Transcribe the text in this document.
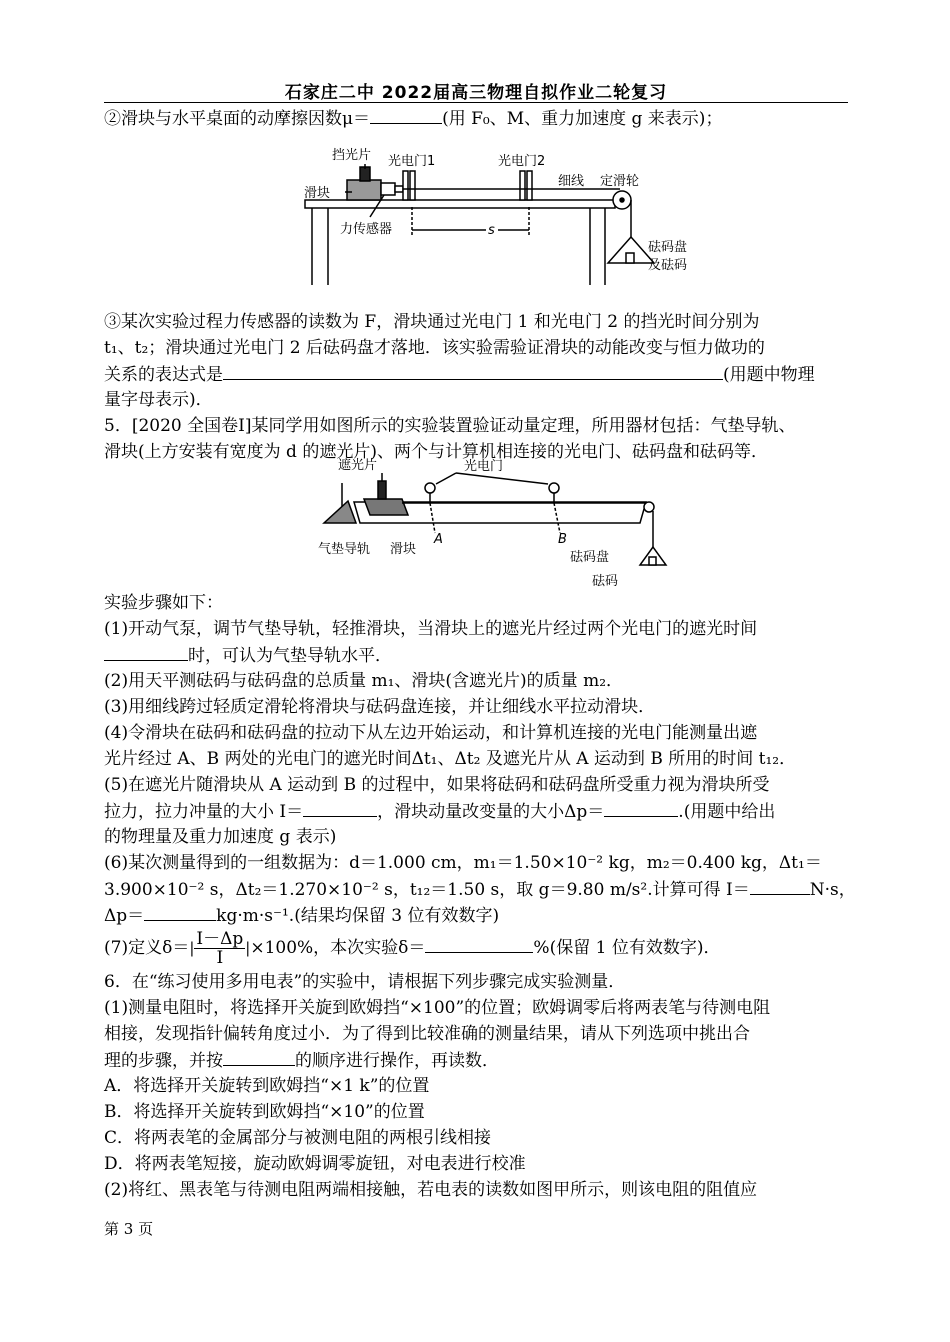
石家庄二中 2022届高三物理自拟作业二轮复习
②滑块与水平桌面的动摩擦因数μ＝	(用 F₀、M、重力加速度 g 来表示)；
挡光片 光电门1	光电门2
细线 定滑轮
滑块
力传感器	s
砝码盘
及砝码
③某次实验过程力传感器的读数为 F，滑块通过光电门 1 和光电门 2 的挡光时间分别为
t₁、t₂；滑块通过光电门 2 后砝码盘才落地．该实验需验证滑块的动能改变与恒力做功的
关系的表达式是	(用题中物理
量字母表示)．
5．[2020 全国卷Ⅰ]某同学用如图所示的实验装置验证动量定理，所用器材包括：气垫导轨、
滑块(上方安装有宽度为 d 的遮光片)、两个与计算机相连接的光电门、砝码盘和砝码等．
遮光片	光电门
气垫导轨 滑块
A	B
砝码盘
砝码
实验步骤如下：
(1)开动气泵，调节气垫导轨，轻推滑块，当滑块上的遮光片经过两个光电门的遮光时间
时，可认为气垫导轨水平．
(2)用天平测砝码与砝码盘的总质量 m₁、滑块(含遮光片)的质量 m₂．
(3)用细线跨过轻质定滑轮将滑块与砝码盘连接，并让细线水平拉动滑块．
(4)令滑块在砝码和砝码盘的拉动下从左边开始运动，和计算机连接的光电门能测量出遮
光片经过 A、B 两处的光电门的遮光时间Δt₁、Δt₂ 及遮光片从 A 运动到 B 所用的时间 t₁₂．
(5)在遮光片随滑块从 A 运动到 B 的过程中，如果将砝码和砝码盘所受重力视为滑块所受
拉力，拉力冲量的大小 I＝	，滑块动量改变量的大小Δp＝	.(用题中给出
的物理量及重力加速度 g 表示)
(6)某次测量得到的一组数据为：d＝1.000 cm，m₁＝1.50×10⁻² kg，m₂＝0.400 kg，Δt₁＝
3.900×10⁻² s，Δt₂＝1.270×10⁻² s，t₁₂＝1.50 s，取 g＝9.80 m/s².计算可得 I＝	N·s，
Δp＝	kg·m·s⁻¹.(结果均保留 3 位有效数字)
(7)定义$\delta=| \frac{I-\Delta p}{I} |\times 100\%$，本次实验δ＝	%(保留 1 位有效数字)．
6．在“练习使用多用电表”的实验中，请根据下列步骤完成实验测量．
(1)测量电阻时，将选择开关旋到欧姆挡“×100”的位置；欧姆调零后将两表笔与待测电阻
相接，发现指针偏转角度过小．为了得到比较准确的测量结果，请从下列选项中挑出合
理的步骤，并按	的顺序进行操作，再读数．
A．将选择开关旋转到欧姆挡“×1 k”的位置
B．将选择开关旋转到欧姆挡“×10”的位置
C．将两表笔的金属部分与被测电阻的两根引线相接
D．将两表笔短接，旋动欧姆调零旋钮，对电表进行校准
(2)将红、黑表笔与待测电阻两端相接触，若电表的读数如图甲所示，则该电阻的阻值应
第 3 页
